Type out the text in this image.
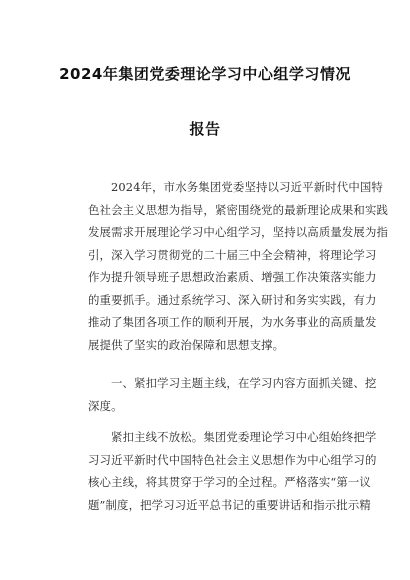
2024年集团党委理论学习中心组学习情况
报告
2024年，市水务集团党委坚持以习近平新时代中国特
色社会主义思想为指导，紧密围绕党的最新理论成果和实践
发展需求开展理论学习中心组学习，坚持以高质量发展为指
引，深入学习贯彻党的二十届三中全会精神，将理论学习
作为提升领导班子思想政治素质、增强工作决策落实能力
的重要抓手。通过系统学习、深入研讨和务实实践，有力
推动了集团各项工作的顺利开展，为水务事业的高质量发
展提供了坚实的政治保障和思想支撑。
一、紧扣学习主题主线，在学习内容方面抓关键、挖
深度。
紧扣主线不放松。集团党委理论学习中心组始终把学
习习近平新时代中国特色社会主义思想作为中心组学习的
核心主线，将其贯穿于学习的全过程。严格落实“第一议
题”制度，把学习习近平总书记的重要讲话和指示批示精
